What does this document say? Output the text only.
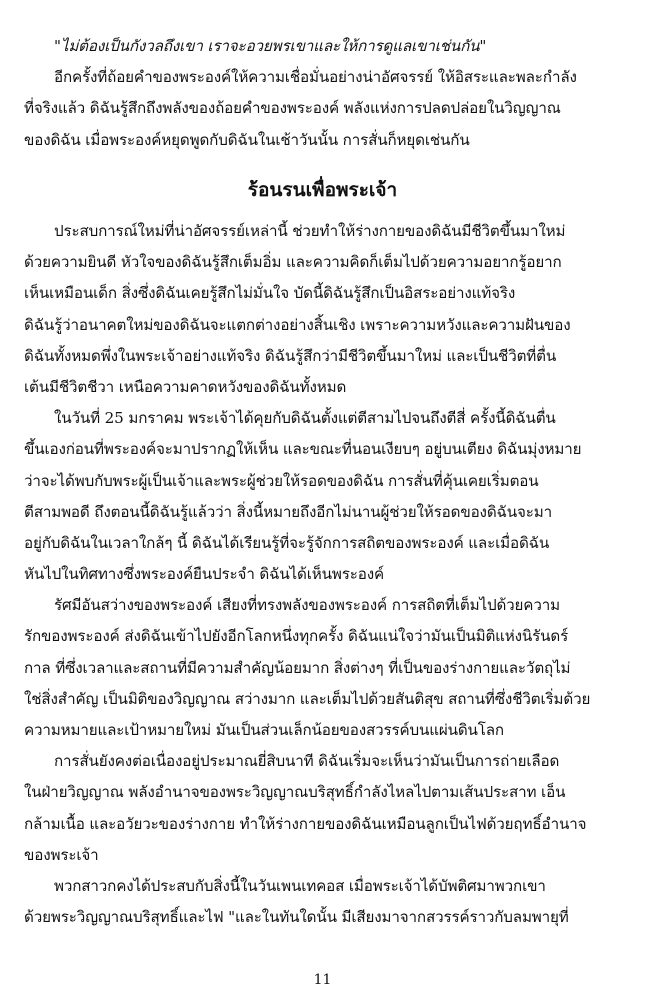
"ไม่ต้องเป็นกังวลถึงเขา เราจะอวยพรเขาและให้การดูแลเขาเช่นกัน"
อีกครั้งที่ถ้อยคำของพระองค์ให้ความเชื่อมั่นอย่างน่าอัศจรรย์ ให้อิสระและพละกำลัง
ที่จริงแล้ว ดิฉันรู้สึกถึงพลังของถ้อยคำของพระองค์ พลังแห่งการปลดปล่อยในวิญญาณ
ของดิฉัน เมื่อพระองค์หยุดพูดกับดิฉันในเช้าวันนั้น การสั่นก็หยุดเช่นกัน
ร้อนรนเพื่อพระเจ้า
ประสบการณ์ใหม่ที่น่าอัศจรรย์เหล่านี้ ช่วยทำให้ร่างกายของดิฉันมีชีวิตขึ้นมาใหม่
ด้วยความยินดี หัวใจของดิฉันรู้สึกเต็มอิ่ม และความคิดก็เต็มไปด้วยความอยากรู้อยาก
เห็นเหมือนเด็ก สิ่งซึ่งดิฉันเคยรู้สึกไม่มั่นใจ บัดนี้ดิฉันรู้สึกเป็นอิสระอย่างแท้จริง
ดิฉันรู้ว่าอนาคตใหม่ของดิฉันจะแตกต่างอย่างสิ้นเชิง เพราะความหวังและความฝันของ
ดิฉันทั้งหมดพึ่งในพระเจ้าอย่างแท้จริง ดิฉันรู้สึกว่ามีชีวิตขึ้นมาใหม่ และเป็นชีวิตที่ตื่น
เต้นมีชีวิตชีวา เหนือความคาดหวังของดิฉันทั้งหมด
ในวันที่ 25 มกราคม พระเจ้าได้คุยกับดิฉันตั้งแต่ตีสามไปจนถึงตีสี่ ครั้งนี้ดิฉันตื่น
ขึ้นเองก่อนที่พระองค์จะมาปรากฏให้เห็น และขณะที่นอนเงียบๆ อยู่บนเตียง ดิฉันมุ่งหมาย
ว่าจะได้พบกับพระผู้เป็นเจ้าและพระผู้ช่วยให้รอดของดิฉัน การสั่นที่คุ้นเคยเริ่มตอน
ตีสามพอดี ถึงตอนนี้ดิฉันรู้แล้วว่า สิ่งนี้หมายถึงอีกไม่นานผู้ช่วยให้รอดของดิฉันจะมา
อยู่กับดิฉันในเวลาใกล้ๆ นี้ ดิฉันได้เรียนรู้ที่จะรู้จักการสถิตของพระองค์ และเมื่อดิฉัน
หันไปในทิศทางซึ่งพระองค์ยืนประจำ ดิฉันได้เห็นพระองค์
รัศมีอันสว่างของพระองค์ เสียงที่ทรงพลังของพระองค์ การสถิตที่เต็มไปด้วยความ
รักของพระองค์ ส่งดิฉันเข้าไปยังอีกโลกหนึ่งทุกครั้ง ดิฉันแน่ใจว่ามันเป็นมิติแห่งนิรันดร์
กาล ที่ซึ่งเวลาและสถานที่มีความสำคัญน้อยมาก สิ่งต่างๆ ที่เป็นของร่างกายและวัตถุไม่
ใช่สิ่งสำคัญ เป็นมิติของวิญญาณ สว่างมาก และเต็มไปด้วยสันติสุข สถานที่ซึ่งชีวิตเริ่มด้วย
ความหมายและเป้าหมายใหม่ มันเป็นส่วนเล็กน้อยของสวรรค์บนแผ่นดินโลก
การสั่นยังคงต่อเนื่องอยู่ประมาณยี่สิบนาที ดิฉันเริ่มจะเห็นว่ามันเป็นการถ่ายเลือด
ในฝ่ายวิญญาณ พลังอำนาจของพระวิญญาณบริสุทธิ์กำลังไหลไปตามเส้นประสาท เอ็น
กล้ามเนื้อ และอวัยวะของร่างกาย ทำให้ร่างกายของดิฉันเหมือนลูกเป็นไฟด้วยฤทธิ์อำนาจ
ของพระเจ้า
พวกสาวกคงได้ประสบกับสิ่งนี้ในวันเพนเทคอส เมื่อพระเจ้าได้บัพติศมาพวกเขา
ด้วยพระวิญญาณบริสุทธิ์และไฟ "และในทันใดนั้น มีเสียงมาจากสวรรค์ราวกับลมพายุที่
11
